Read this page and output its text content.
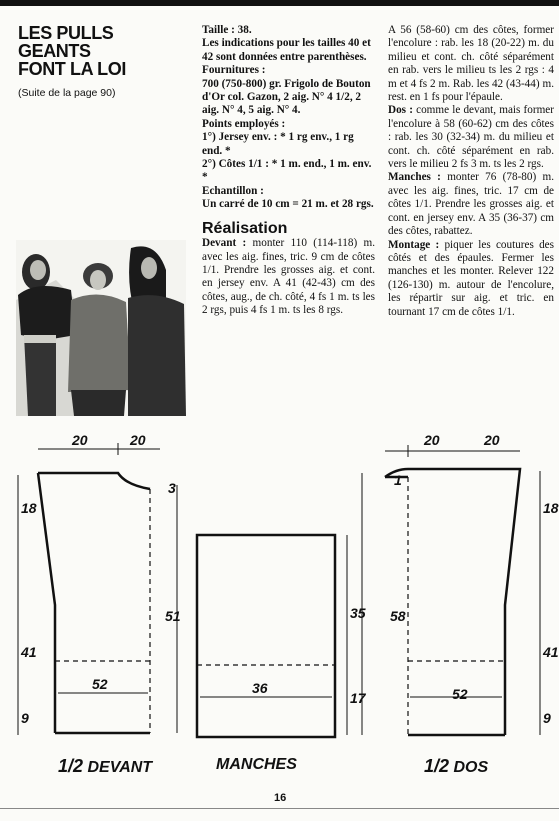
LES PULLS
GEANTS
FONT LA LOI
(Suite de la page 90)

Taille : 38.

Les indications pour les tailles 40 et 42 sont données entre parenthèses.

Fournitures :

700 (750-800) gr. Frigolo de Bouton d'Or col. Gazon, 2 aig. N° 4 1/2, 2 aig. N° 4, 5 aig. N° 4.

Points employés :

1°) Jersey env. : * 1 rg env., 1 rg end. *

2°) Côtes 1/1 : * 1 m. end., 1 m. env. *

Echantillon :

Un carré de 10 cm = 21 m. et 28 rgs.

Réalisation

Devant : monter 110 (114-118) m. avec les aig. fines, tric. 9 cm de côtes 1/1. Prendre les grosses aig. et cont. en jersey env. A 41 (42-43) cm des côtes, aug., de ch. côté, 4 fs 1 m. ts les 2 rgs, puis 4 fs 1 m. ts les 8 rgs.

A 56 (58-60) cm des côtes, former l'encolure : rab. les 18 (20-22) m. du milieu et cont. ch. côté séparément en rab. vers le milieu ts les 2 rgs : 4 m et 4 fs 2 m. Rab. les 42 (43-44) m. rest. en 1 fs pour l'épaule.

Dos : comme le devant, mais former l'encolure à 58 (60-62) cm des côtes : rab. les 30 (32-34) m. du milieu et cont. ch. côté séparément en rab. vers le milieu 2 fs 3 m. ts les 2 rgs.

Manches : monter 76 (78-80) m. avec les aig. fines, tric. 17 cm de côtes 1/1. Prendre les grosses aig. et cont. en jersey env. A 35 (36-37) cm des côtes, rabattez.

Montage : piquer les coutures des côtés et des épaules. Fermer les manches et les monter. Relever 122 (126-130) m. autour de l'encolure, les répartir sur aig. et tric. en tournant 17 cm de côtes 1/1.

20	20
3
51
18
41
9
52	36
35
17
20	20
1
58
18
41
9
52
1/2 DEVANT	MANCHES	1/2 DOS
16
